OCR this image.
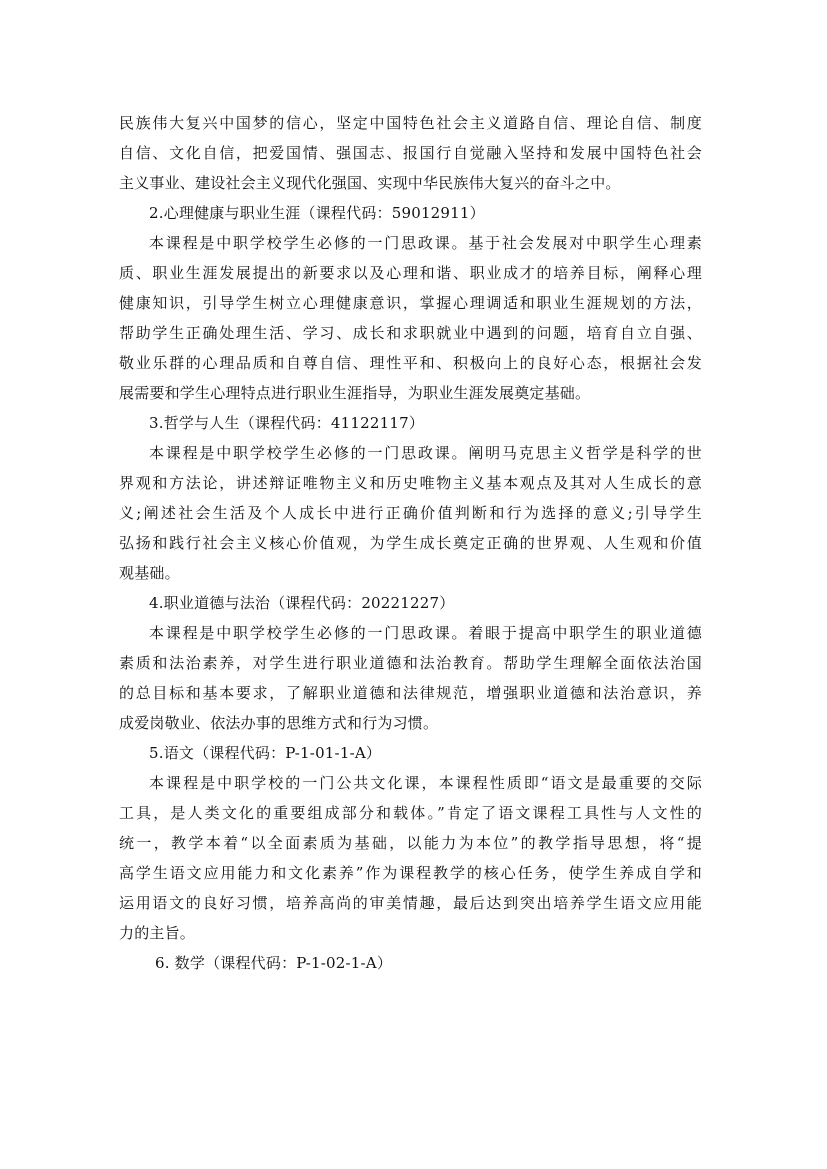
民族伟大复兴中国梦的信心，坚定中国特色社会主义道路自信、理论自信、制度
自信、文化自信，把爱国情、强国志、报国行自觉融入坚持和发展中国特色社会
主义事业、建设社会主义现代化强国、实现中华民族伟大复兴的奋斗之中。
2.心理健康与职业生涯（课程代码：59012911）
本课程是中职学校学生必修的一门思政课。基于社会发展对中职学生心理素
质、职业生涯发展提出的新要求以及心理和谐、职业成才的培养目标，阐释心理
健康知识，引导学生树立心理健康意识，掌握心理调适和职业生涯规划的方法，
帮助学生正确处理生活、学习、成长和求职就业中遇到的问题，培育自立自强、
敬业乐群的心理品质和自尊自信、理性平和、积极向上的良好心态，根据社会发
展需要和学生心理特点进行职业生涯指导，为职业生涯发展奠定基础。
3.哲学与人生（课程代码：41122117）
本课程是中职学校学生必修的一门思政课。阐明马克思主义哲学是科学的世
界观和方法论，讲述辩证唯物主义和历史唯物主义基本观点及其对人生成长的意
义;阐述社会生活及个人成长中进行正确价值判断和行为选择的意义;引导学生
弘扬和践行社会主义核心价值观，为学生成长奠定正确的世界观、人生观和价值
观基础。
4.职业道德与法治（课程代码：20221227）
本课程是中职学校学生必修的一门思政课。着眼于提高中职学生的职业道德
素质和法治素养，对学生进行职业道德和法治教育。帮助学生理解全面依法治国
的总目标和基本要求，了解职业道德和法律规范，增强职业道德和法治意识，养
成爱岗敬业、依法办事的思维方式和行为习惯。
5.语文（课程代码：P-1-01-1-A）
本课程是中职学校的一门公共文化课，本课程性质即“语文是最重要的交际
工具，是人类文化的重要组成部分和载体。”肯定了语文课程工具性与人文性的
统一，教学本着“以全面素质为基础，以能力为本位”的教学指导思想，将“提
高学生语文应用能力和文化素养”作为课程教学的核心任务，使学生养成自学和
运用语文的良好习惯，培养高尚的审美情趣，最后达到突出培养学生语文应用能
力的主旨。
6. 数学（课程代码：P-1-02-1-A）
